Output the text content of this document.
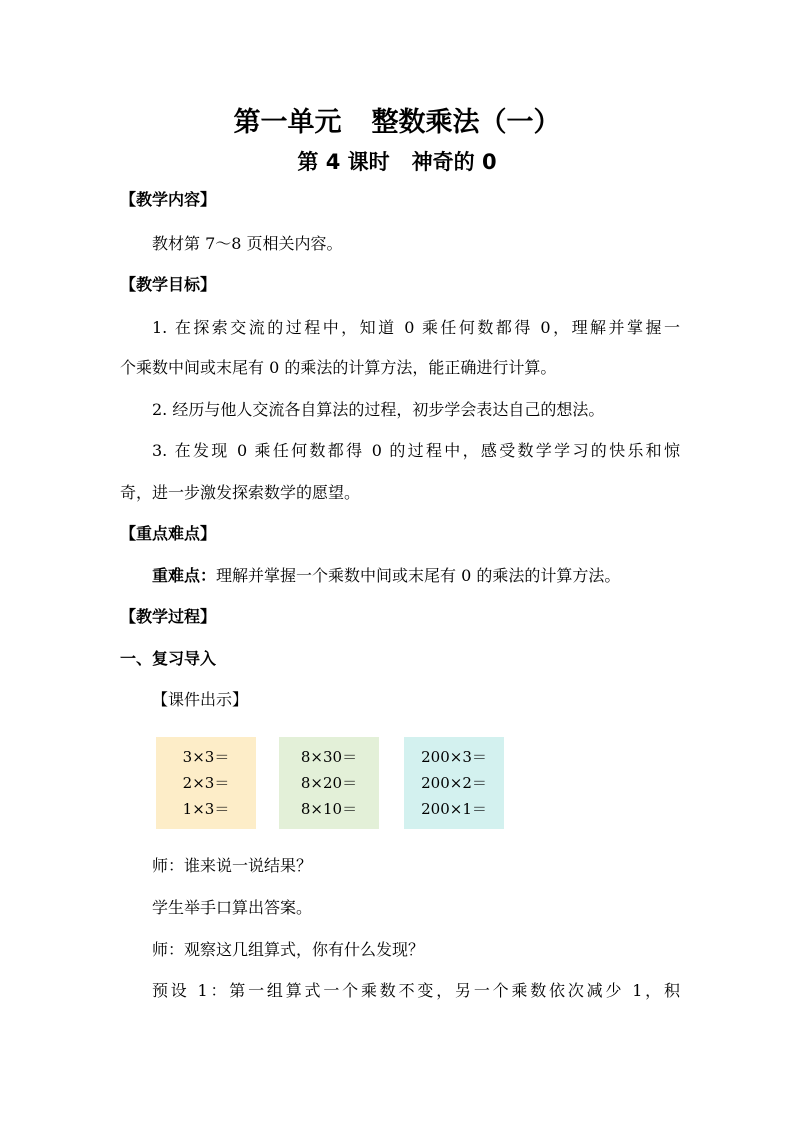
第一单元 整数乘法（一）
第 4 课时 神奇的 0
【教学内容】
教材第 7～8 页相关内容。
【教学目标】
1. 在探索交流的过程中，知道 0 乘任何数都得 0，理解并掌握一
个乘数中间或末尾有 0 的乘法的计算方法，能正确进行计算。
2. 经历与他人交流各自算法的过程，初步学会表达自己的想法。
3. 在发现 0 乘任何数都得 0 的过程中，感受数学学习的快乐和惊
奇，进一步激发探索数学的愿望。
【重点难点】
重难点：理解并掌握一个乘数中间或末尾有 0 的乘法的计算方法。
【教学过程】
一、复习导入
【课件出示】
3×3＝
2×3＝
1×3＝
8×30＝
8×20＝
8×10＝
200×3＝
200×2＝
200×1＝
师：谁来说一说结果？
学生举手口算出答案。
师：观察这几组算式，你有什么发现？
预设 1：第一组算式一个乘数不变，另一个乘数依次减少 1，积
